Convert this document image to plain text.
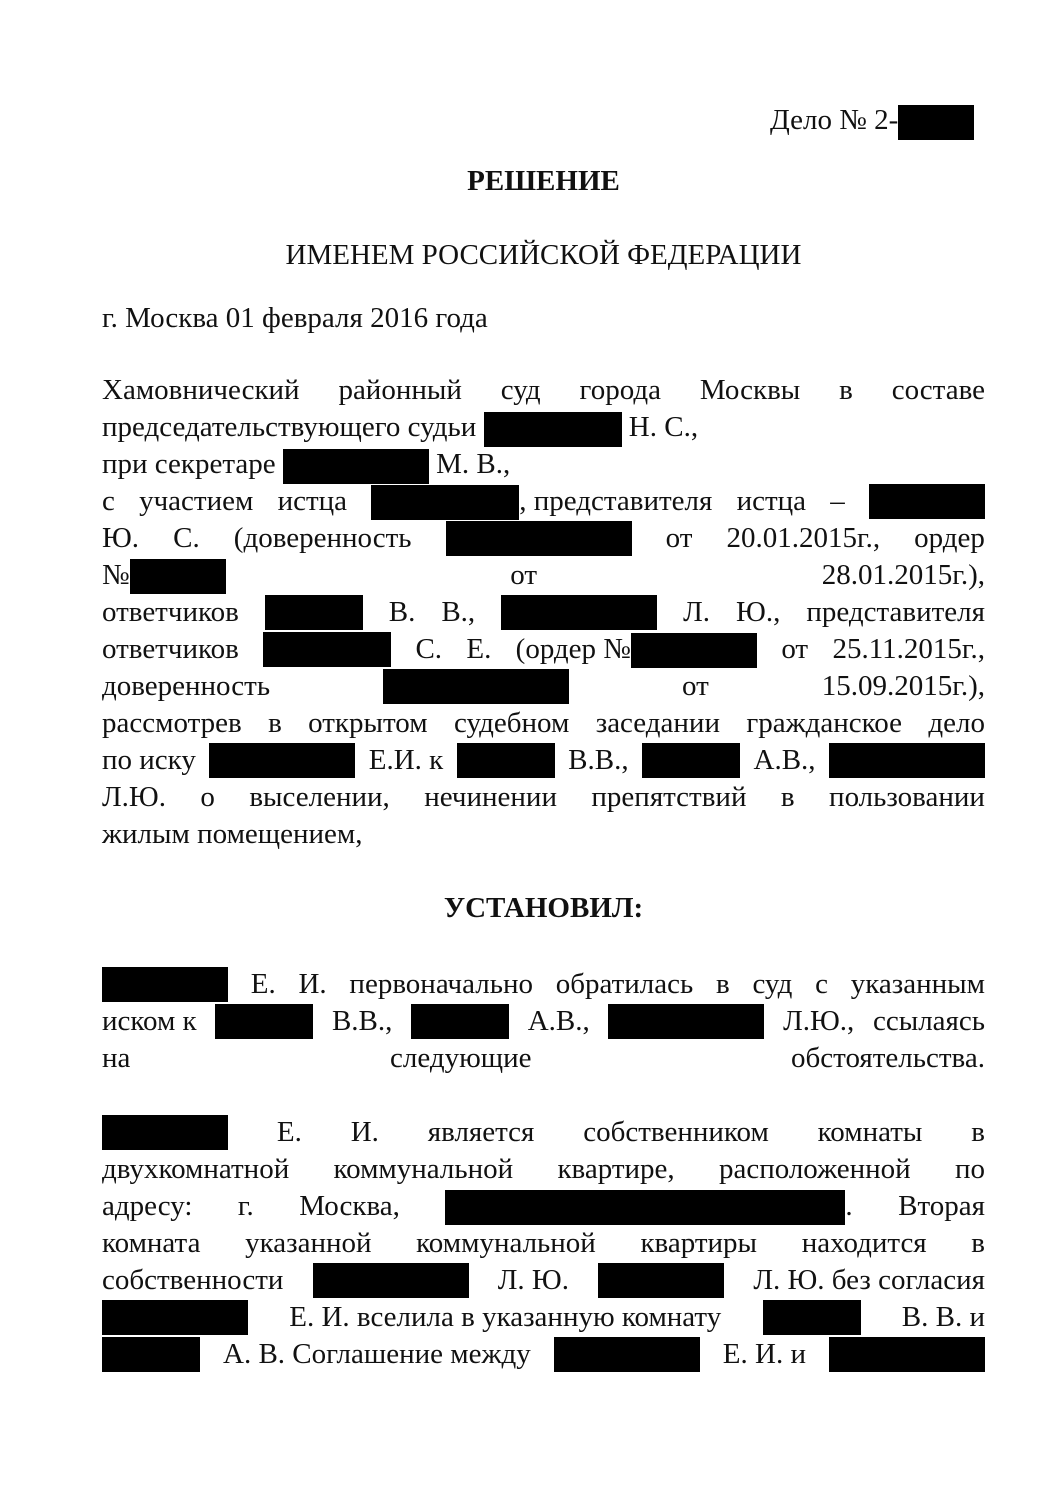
Дело № 2-
РЕШЕНИЕ
ИМЕНЕМ РОССИЙСКОЙ ФЕДЕРАЦИИ
г. Москва 01 февраля 2016 года
Хамовнический районный суд города Москвы в составе
председательствующего судьи	Н. С.,
при секретаре	М. В.,
с участием истца	, представителя истца –
Ю. С. (доверенность	от 20.01.2015г., ордер
№	от	28.01.2015г.),
ответчиков	В. В.,	Л. Ю., представителя
ответчиков	С. Е. (ордер №	от 25.11.2015г.,
доверенность	от	15.09.2015г.),
рассмотрев в открытом судебном заседании гражданское дело
по иску	Е.И. к	В.В.,	А.В.,
Л.Ю. о выселении, нечинении препятствий в пользовании
жилым помещением,
УСТАНОВИЛ:
Е. И. первоначально обратилась в суд с указанным
иском к	В.В.,	А.В.,	Л.Ю., ссылаясь
на	следующие	обстоятельства.
Е. И. является собственником комнаты в
двухкомнатной коммунальной квартире, расположенной по
адресу: г. Москва,	. Вторая
комната указанной коммунальной квартиры находится в
собственности	Л. Ю.	Л. Ю. без согласия
Е. И. вселила в указанную комнату	В. В. и
А. В. Соглашение между	Е. И. и
